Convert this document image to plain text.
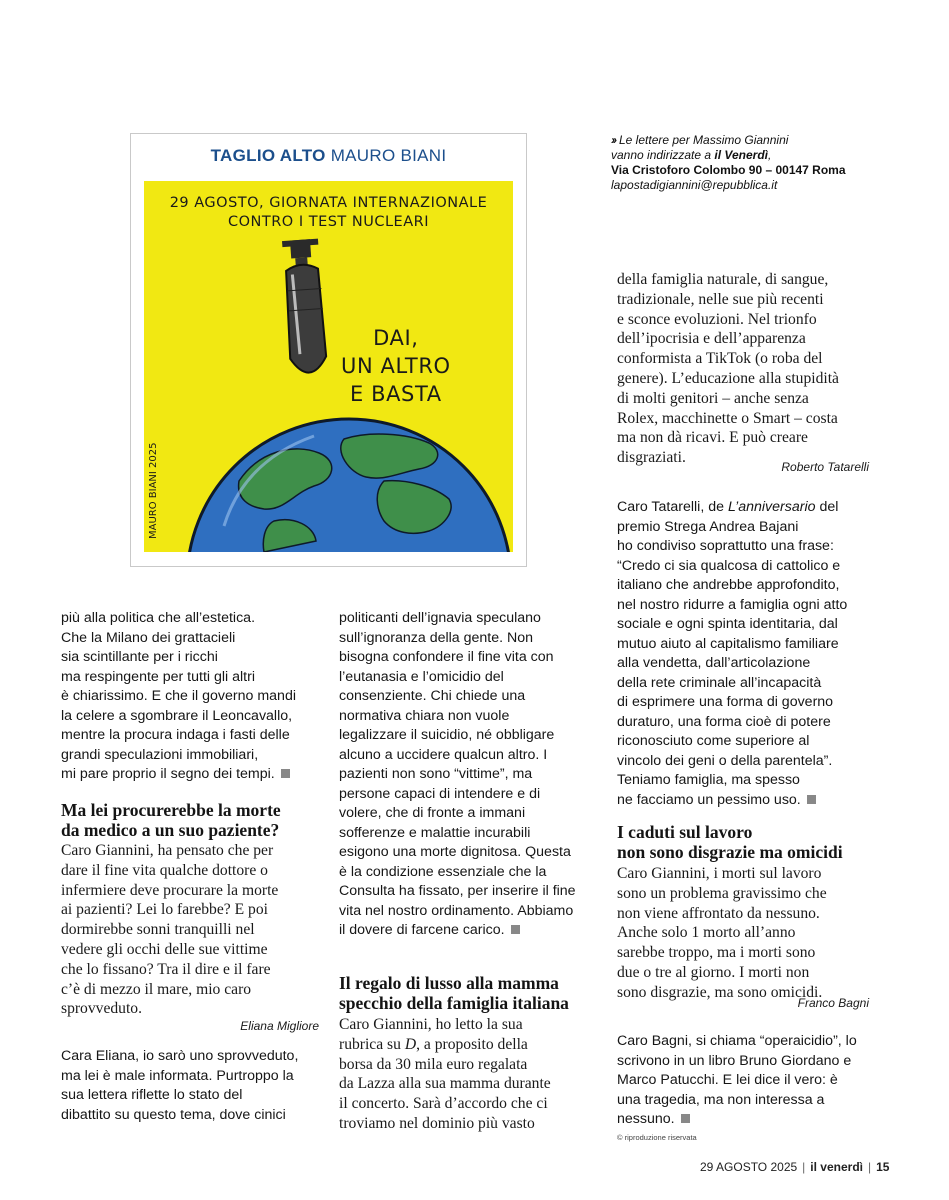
TAGLIO ALTO MAURO BIANI
29 AGOSTO, GIORNATA INTERNAZIONALE
CONTRO I TEST NUCLEARI
DAI,
UN ALTRO
E BASTA
MAURO BIANI 2025
›› Le lettere per Massimo Giannini
vanno indirizzate a il Venerdì,
Via Cristoforo Colombo 90 – 00147 Roma
lapostadigiannini@repubblica.it
più alla politica che all’estetica.
Che la Milano dei grattacieli
sia scintillante per i ricchi
ma respingente per tutti gli altri
è chiarissimo. E che il governo mandi
la celere a sgombrare il Leoncavallo,
mentre la procura indaga i fasti delle
grandi speculazioni immobiliari,
mi pare proprio il segno dei tempi.
Ma lei procurerebbe la morte
da medico a un suo paziente?
Caro Giannini, ha pensato che per
dare il fine vita qualche dottore o
infermiere deve procurare la morte
ai pazienti? Lei lo farebbe? E poi
dormirebbe sonni tranquilli nel
vedere gli occhi delle sue vittime
che lo fissano? Tra il dire e il fare
c’è di mezzo il mare, mio caro
sprovveduto.
Eliana Migliore
Cara Eliana, io sarò uno sprovveduto,
ma lei è male informata. Purtroppo la
sua lettera riflette lo stato del
dibattito su questo tema, dove cinici
politicanti dell’ignavia speculano
sull’ignoranza della gente. Non
bisogna confondere il fine vita con
l’eutanasia e l’omicidio del
consenziente. Chi chiede una
normativa chiara non vuole
legalizzare il suicidio, né obbligare
alcuno a uccidere qualcun altro. I
pazienti non sono “vittime”, ma
persone capaci di intendere e di
volere, che di fronte a immani
sofferenze e malattie incurabili
esigono una morte dignitosa. Questa
è la condizione essenziale che la
Consulta ha fissato, per inserire il fine
vita nel nostro ordinamento. Abbiamo
il dovere di farcene carico.
Il regalo di lusso alla mamma
specchio della famiglia italiana
Caro Giannini, ho letto la sua
rubrica su D, a proposito della
borsa da 30 mila euro regalata
da Lazza alla sua mamma durante
il concerto. Sarà d’accordo che ci
troviamo nel dominio più vasto
della famiglia naturale, di sangue,
tradizionale, nelle sue più recenti
e sconce evoluzioni. Nel trionfo
dell’ipocrisia e dell’apparenza
conformista a TikTok (o roba del
genere). L’educazione alla stupidità
di molti genitori – anche senza
Rolex, macchinette o Smart – costa
ma non dà ricavi. E può creare
disgraziati.
Roberto Tatarelli
Caro Tatarelli, de L’anniversario del
premio Strega Andrea Bajani
ho condiviso soprattutto una frase:
“Credo ci sia qualcosa di cattolico e
italiano che andrebbe approfondito,
nel nostro ridurre a famiglia ogni atto
sociale e ogni spinta identitaria, dal
mutuo aiuto al capitalismo familiare
alla vendetta, dall’articolazione
della rete criminale all’incapacità
di esprimere una forma di governo
duraturo, una forma cioè di potere
riconosciuto come superiore al
vincolo dei geni o della parentela”.
Teniamo famiglia, ma spesso
ne facciamo un pessimo uso.
I caduti sul lavoro
non sono disgrazie ma omicidi
Caro Giannini, i morti sul lavoro
sono un problema gravissimo che
non viene affrontato da nessuno.
Anche solo 1 morto all’anno
sarebbe troppo, ma i morti sono
due o tre al giorno. I morti non
sono disgrazie, ma sono omicidi.
Franco Bagni
Caro Bagni, si chiama “operaicidio”, lo
scrivono in un libro Bruno Giordano e
Marco Patucchi. E lei dice il vero: è
una tragedia, ma non interessa a
nessuno.
© riproduzione riservata
29 AGOSTO 2025 | il venerdì | 15
